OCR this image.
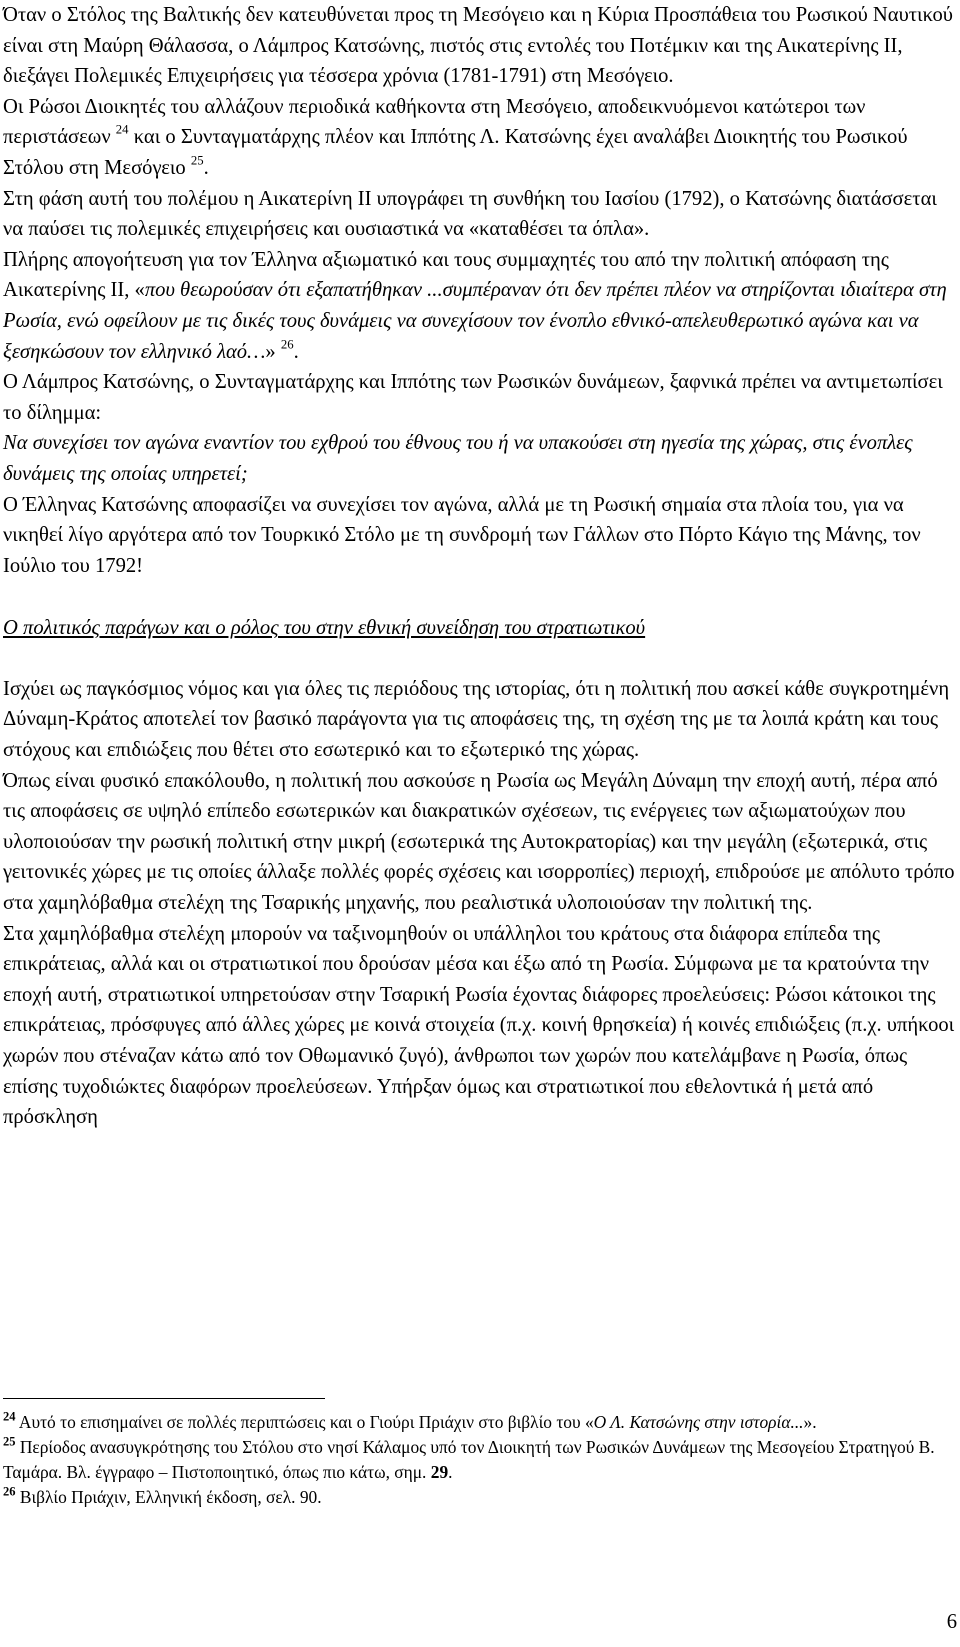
Όταν ο Στόλος της Βαλτικής δεν κατευθύνεται προς τη Μεσόγειο και η Κύρια Προσπάθεια του Ρωσικού Ναυτικού είναι στη Μαύρη Θάλασσα, ο Λάμπρος Κατσώνης, πιστός στις εντολές του Ποτέμκιν και της Αικατερίνης ΙΙ, διεξάγει Πολεμικές Επιχειρήσεις για τέσσερα χρόνια (1781-1791) στη Μεσόγειο.

Οι Ρώσοι Διοικητές του αλλάζουν περιοδικά καθήκοντα στη Μεσόγειο, αποδεικνυόμενοι κατώτεροι των περιστάσεων $^{24}$ και ο Συνταγματάρχης πλέον και Ιππότης Λ. Κατσώνης έχει αναλάβει Διοικητής του Ρωσικού Στόλου στη Μεσόγειο $^{25}$.

Στη φάση αυτή του πολέμου η Αικατερίνη ΙΙ υπογράφει τη συνθήκη του Ιασίου (1792), ο Κατσώνης διατάσσεται να παύσει τις πολεμικές επιχειρήσεις και ουσιαστικά να «καταθέσει τα όπλα».

Πλήρης απογοήτευση για τον Έλληνα αξιωματικό και τους συμμαχητές του από την πολιτική απόφαση της Αικατερίνης ΙΙ, «που θεωρούσαν ότι εξαπατήθηκαν ...συμπέραναν ότι δεν πρέπει πλέον να στηρίζονται ιδιαίτερα στη Ρωσία, ενώ οφείλουν με τις δικές τους δυνάμεις να συνεχίσουν τον ένοπλο εθνικό-απελευθερωτικό αγώνα και να ξεσηκώσουν τον ελληνικό λαό…» $^{26}$.

Ο Λάμπρος Κατσώνης, ο Συνταγματάρχης και Ιππότης των Ρωσικών δυνάμεων, ξαφνικά πρέπει να αντιμετωπίσει το δίλημμα:

Να συνεχίσει τον αγώνα εναντίον του εχθρού του έθνους του ή να υπακούσει στη ηγεσία της χώρας, στις ένοπλες δυνάμεις της οποίας υπηρετεί;

Ο Έλληνας Κατσώνης αποφασίζει να συνεχίσει τον αγώνα, αλλά με τη Ρωσική σημαία στα πλοία του, για να νικηθεί λίγο αργότερα από τον Τουρκικό Στόλο με τη συνδρομή των Γάλλων στο Πόρτο Κάγιο της Μάνης, τον Ιούλιο του 1792!

Ο πολιτικός παράγων και ο ρόλος του στην εθνική συνείδηση του στρατιωτικού

Ισχύει ως παγκόσμιος νόμος και για όλες τις περιόδους της ιστορίας, ότι η πολιτική που ασκεί κάθε συγκροτημένη Δύναμη-Κράτος αποτελεί τον βασικό παράγοντα για τις αποφάσεις της, τη σχέση της με τα λοιπά κράτη και τους στόχους και επιδιώξεις που θέτει στο εσωτερικό και το εξωτερικό της χώρας.

Όπως είναι φυσικό επακόλουθο, η πολιτική που ασκούσε η Ρωσία ως Μεγάλη Δύναμη την εποχή αυτή, πέρα από τις αποφάσεις σε υψηλό επίπεδο εσωτερικών και διακρατικών σχέσεων, τις ενέργειες των αξιωματούχων που υλοποιούσαν την ρωσική πολιτική στην μικρή (εσωτερικά της Αυτοκρατορίας) και την μεγάλη (εξωτερικά, στις γειτονικές χώρες με τις οποίες άλλαξε πολλές φορές σχέσεις και ισορροπίες) περιοχή, επιδρούσε με απόλυτο τρόπο στα χαμηλόβαθμα στελέχη της Τσαρικής μηχανής, που ρεαλιστικά υλοποιούσαν την πολιτική της.

Στα χαμηλόβαθμα στελέχη μπορούν να ταξινομηθούν οι υπάλληλοι του κράτους στα διάφορα επίπεδα της επικράτειας, αλλά και οι στρατιωτικοί που δρούσαν μέσα και έξω από τη Ρωσία. Σύμφωνα με τα κρατούντα την εποχή αυτή, στρατιωτικοί υπηρετούσαν στην Τσαρική Ρωσία έχοντας διάφορες προελεύσεις: Ρώσοι κάτοικοι της επικράτειας, πρόσφυγες από άλλες χώρες με κοινά στοιχεία (π.χ. κοινή θρησκεία) ή κοινές επιδιώξεις (π.χ. υπήκοοι χωρών που στέναζαν κάτω από τον Οθωμανικό ζυγό), άνθρωποι των χωρών που κατελάμβανε η Ρωσία, όπως επίσης τυχοδιώκτες διαφόρων προελεύσεων. Υπήρξαν όμως και στρατιωτικοί που εθελοντικά ή μετά από πρόσκληση

$^{24}$ Αυτό το επισημαίνει σε πολλές περιπτώσεις και ο Γιούρι Πριάχιν στο βιβλίο του «Ο Λ. Κατσώνης στην ιστορία...».

$^{25}$ Περίοδος ανασυγκρότησης του Στόλου στο νησί Κάλαμος υπό τον Διοικητή των Ρωσικών Δυνάμεων της Μεσογείου Στρατηγού Β. Ταμάρα. Βλ. έγγραφο – Πιστοποιητικό, όπως πιο κάτω, σημ. 29.

$^{26}$ Βιβλίο Πριάχιν, Ελληνική έκδοση, σελ. 90.

6
